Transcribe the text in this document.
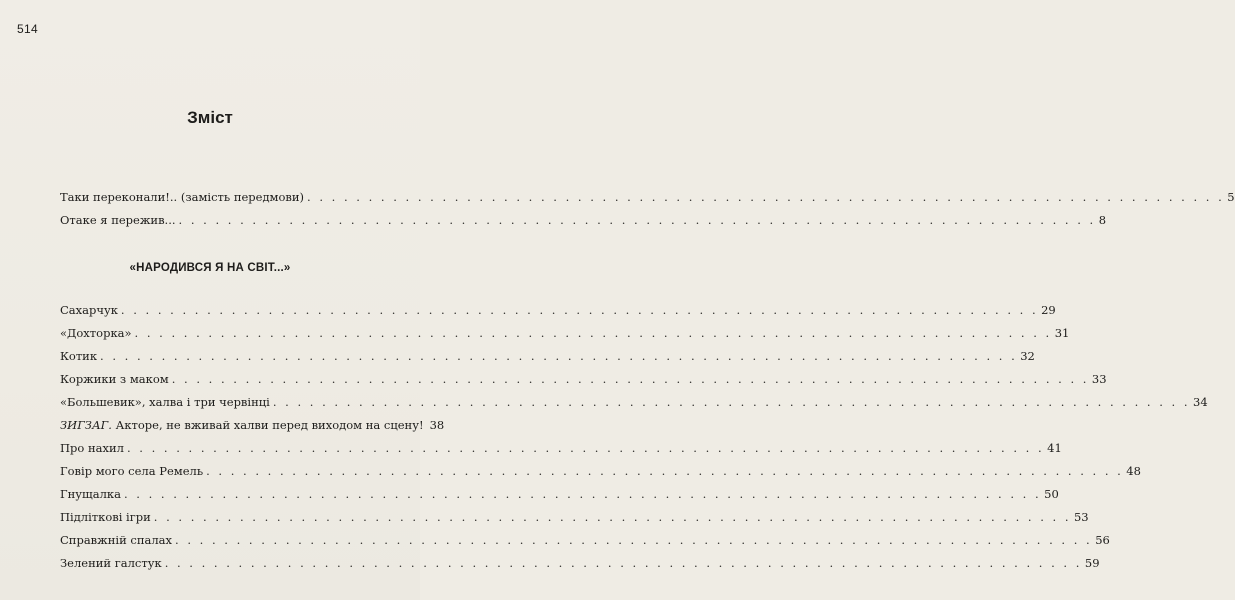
514
Зміст
Таки переконали!.. (замість передмови) . . .	5
Отаке я пережив... . . .	8
«НАРОДИВСЯ Я НА СВІТ...»
Сахарчук . . .	29
«Дохторка» . . .	31
Котик . . .	32
Коржики з маком . . .	33
«Большевик», халва і три червінці . . .	34
ЗИГЗАГ. Акторе, не вживай халви перед виходом на сцену! 38
Про нахил . . .	41
Говір мого села Ремель . . .	48
Гнущалка . . .	50
Підліткові ігри . . .	53
Справжній спалах . . .	56
Зелений галстук . . .	59
